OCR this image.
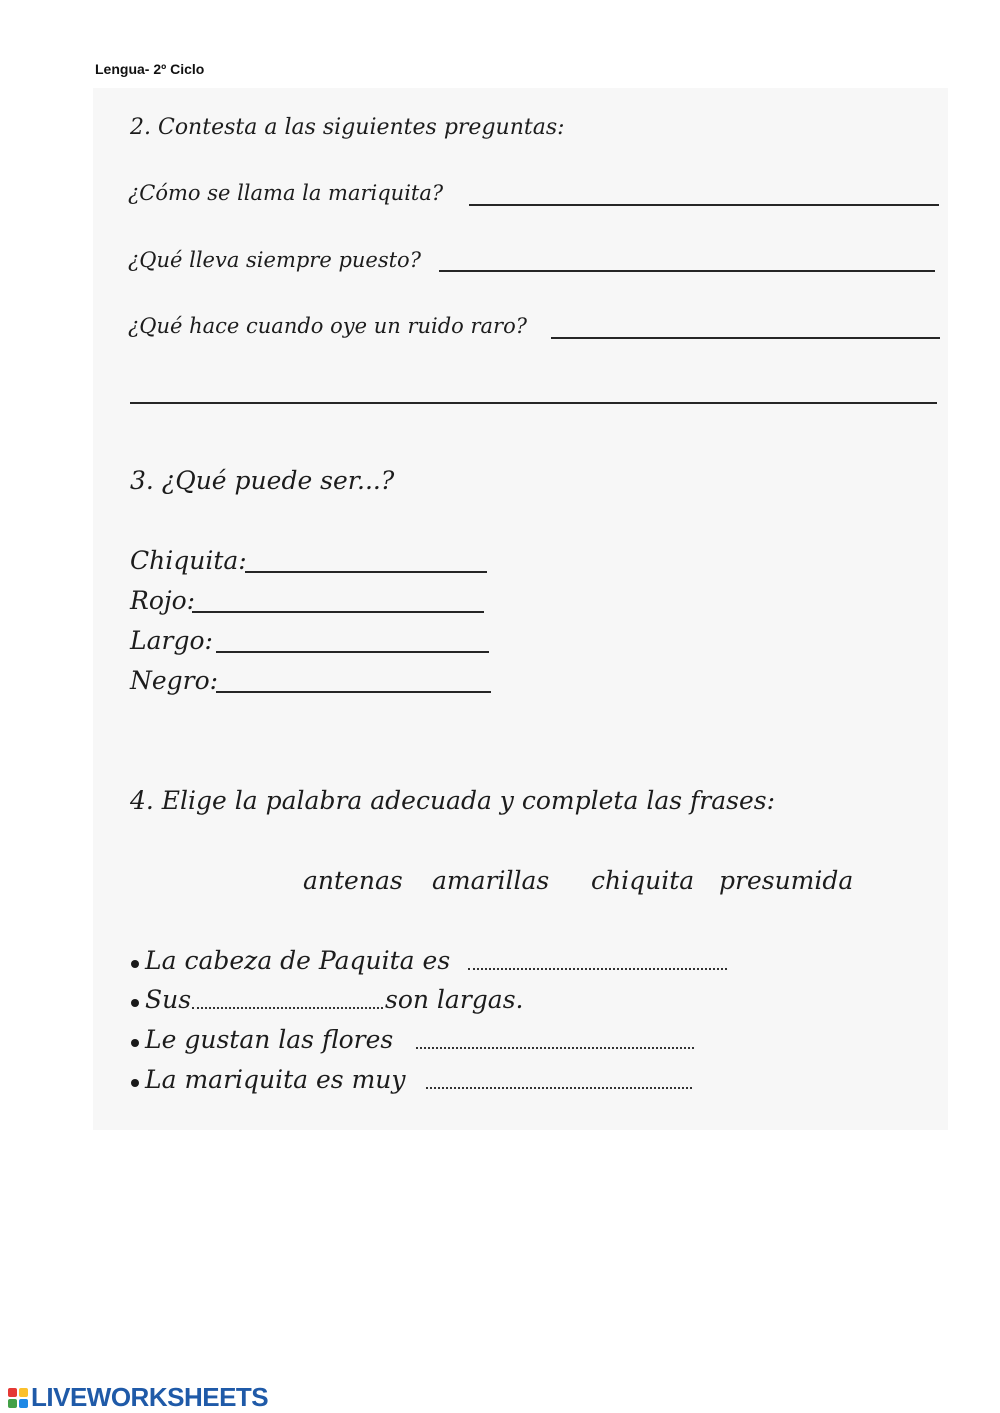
Lengua- 2º Ciclo
2. Contesta a las siguientes preguntas:
¿Cómo se llama la mariquita?
¿Qué lleva siempre puesto?
¿Qué hace cuando oye un ruido raro?
3. ¿Qué puede ser...?
Chiquita:
Rojo:
Largo:
Negro:
4. Elige la palabra adecuada y completa las frases:
antenas amarillas chiquita presumida
La cabeza de Paquita es
Sus	son largas.
Le gustan las flores
La mariquita es muy
LIVEWORKSHEETS
